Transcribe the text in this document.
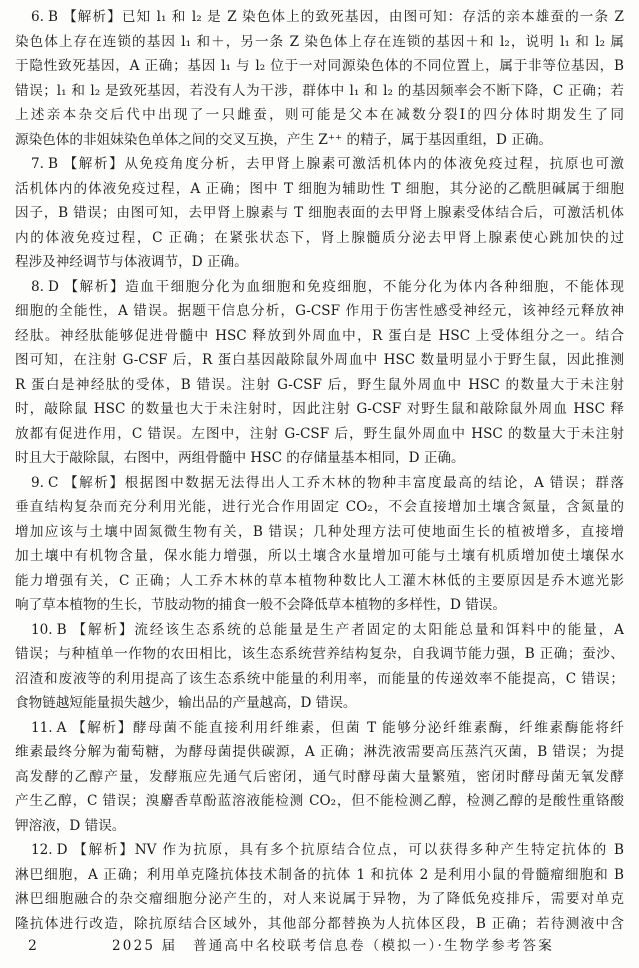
6. B 【解析】已知 l₁ 和 l₂ 是 Z 染色体上的致死基因，由图可知：存活的亲本雄蚕的一条 Z
染色体上存在连锁的基因 l₁ 和＋，另一条 Z 染色体上存在连锁的基因＋和 l₂，说明 l₁ 和 l₂ 属
于隐性致死基因，A 正确；基因 l₁ 与 l₂ 位于一对同源染色体的不同位置上，属于非等位基因，B
错误；l₁ 和 l₂ 是致死基因，若没有人为干涉，群体中 l₁ 和 l₂ 的基因频率会不断下降，C 正确；若
上述亲本杂交后代中出现了一只雌蚕，则可能是父本在减数分裂Ⅰ的四分体时期发生了同
源染色体的非姐妹染色单体之间的交叉互换，产生 Z⁺⁺ 的精子，属于基因重组，D 正确。
7. B 【解析】从免疫角度分析，去甲肾上腺素可激活机体内的体液免疫过程，抗原也可激
活机体内的体液免疫过程，A 正确；图中 T 细胞为辅助性 T 细胞，其分泌的乙酰胆碱属于细胞
因子，B 错误；由图可知，去甲肾上腺素与 T 细胞表面的去甲肾上腺素受体结合后，可激活机体
内的体液免疫过程，C 正确；在紧张状态下，肾上腺髓质分泌去甲肾上腺素使心跳加快的过
程涉及神经调节与体液调节，D 正确。
8. D 【解析】造血干细胞分化为血细胞和免疫细胞，不能分化为体内各种细胞，不能体现
细胞的全能性，A 错误。据题干信息分析，G-CSF 作用于伤害性感受神经元，该神经元释放神
经肽。神经肽能够促进骨髓中 HSC 释放到外周血中，R 蛋白是 HSC 上受体组分之一。结合
图可知，在注射 G-CSF 后，R 蛋白基因敲除鼠外周血中 HSC 数量明显小于野生鼠，因此推测
R 蛋白是神经肽的受体，B 错误。注射 G-CSF 后，野生鼠外周血中 HSC 的数量大于未注射
时，敲除鼠 HSC 的数量也大于未注射时，因此注射 G-CSF 对野生鼠和敲除鼠外周血 HSC 释
放都有促进作用，C 错误。左图中，注射 G-CSF 后，野生鼠外周血中 HSC 的数量大于未注射
时且大于敲除鼠，右图中，两组骨髓中 HSC 的存储量基本相同，D 正确。
9. C 【解析】根据图中数据无法得出人工乔木林的物种丰富度最高的结论，A 错误；群落
垂直结构复杂而充分利用光能，进行光合作用固定 CO₂，不会直接增加土壤含氮量，含氮量的
增加应该与土壤中固氮微生物有关，B 错误；几种处理方法可使地面生长的植被增多，直接增
加土壤中有机物含量，保水能力增强，所以土壤含水量增加可能与土壤有机质增加使土壤保水
能力增强有关，C 正确；人工乔木林的草本植物种数比人工灌木林低的主要原因是乔木遮光影
响了草本植物的生长，节肢动物的捕食一般不会降低草本植物的多样性，D 错误。
10. B 【解析】流经该生态系统的总能量是生产者固定的太阳能总量和饵料中的能量，A
错误；与种植单一作物的农田相比，该生态系统营养结构复杂，自我调节能力强，B 正确；蚕沙、
沼渣和废液等的利用提高了该生态系统中能量的利用率，而能量的传递效率不能提高，C 错误；
食物链越短能量损失越少，输出品的产量越高，D 错误。
11. A 【解析】酵母菌不能直接利用纤维素，但菌 T 能够分泌纤维素酶，纤维素酶能将纤
维素最终分解为葡萄糖，为酵母菌提供碳源，A 正确；淋洗液需要高压蒸汽灭菌，B 错误；为提
高发酵的乙醇产量，发酵瓶应先通气后密闭，通气时酵母菌大量繁殖，密闭时酵母菌无氧发酵
产生乙醇，C 错误；溴麝香草酚蓝溶液能检测 CO₂，但不能检测乙醇，检测乙醇的是酸性重铬酸
钾溶液，D 错误。
12. D 【解析】NV 作为抗原，具有多个抗原结合位点，可以获得多种产生特定抗体的 B
淋巴细胞，A 正确；利用单克隆抗体技术制备的抗体 1 和抗体 2 是利用小鼠的骨髓瘤细胞和 B
淋巴细胞融合的杂交瘤细胞分泌产生的，对人来说属于异物，为了降低免疫排斥，需要对单克
隆抗体进行改造，除抗原结合区域外，其他部分都替换为人抗体区段，B 正确；若待测液中含
2	2025 届　普通高中名校联考信息卷（模拟一）·生物学参考答案
